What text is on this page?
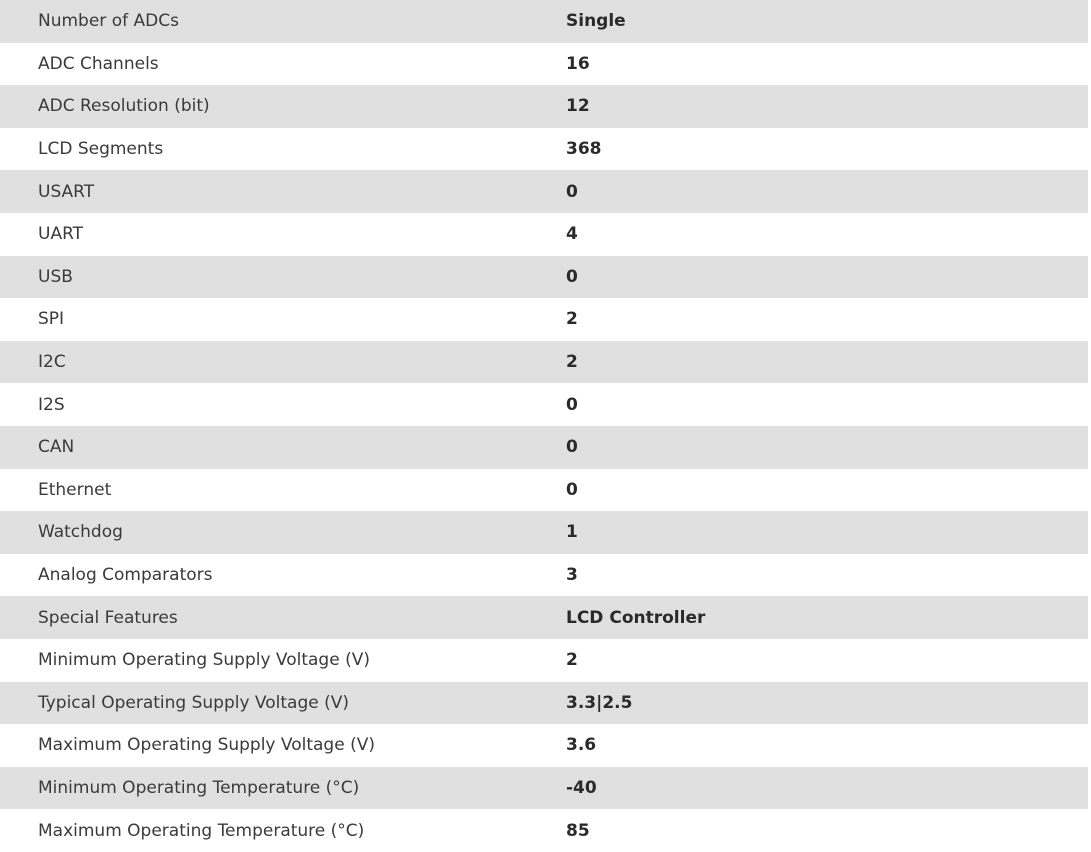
Number of ADCs	Single
ADC Channels	16
ADC Resolution (bit)	12
LCD Segments	368
USART	0
UART	4
USB	0
SPI	2
I2C	2
I2S	0
CAN	0
Ethernet	0
Watchdog	1
Analog Comparators	3
Special Features	LCD Controller
Minimum Operating Supply Voltage (V)	2
Typical Operating Supply Voltage (V)	3.3|2.5
Maximum Operating Supply Voltage (V)	3.6
Minimum Operating Temperature (°C)	-40
Maximum Operating Temperature (°C)	85
